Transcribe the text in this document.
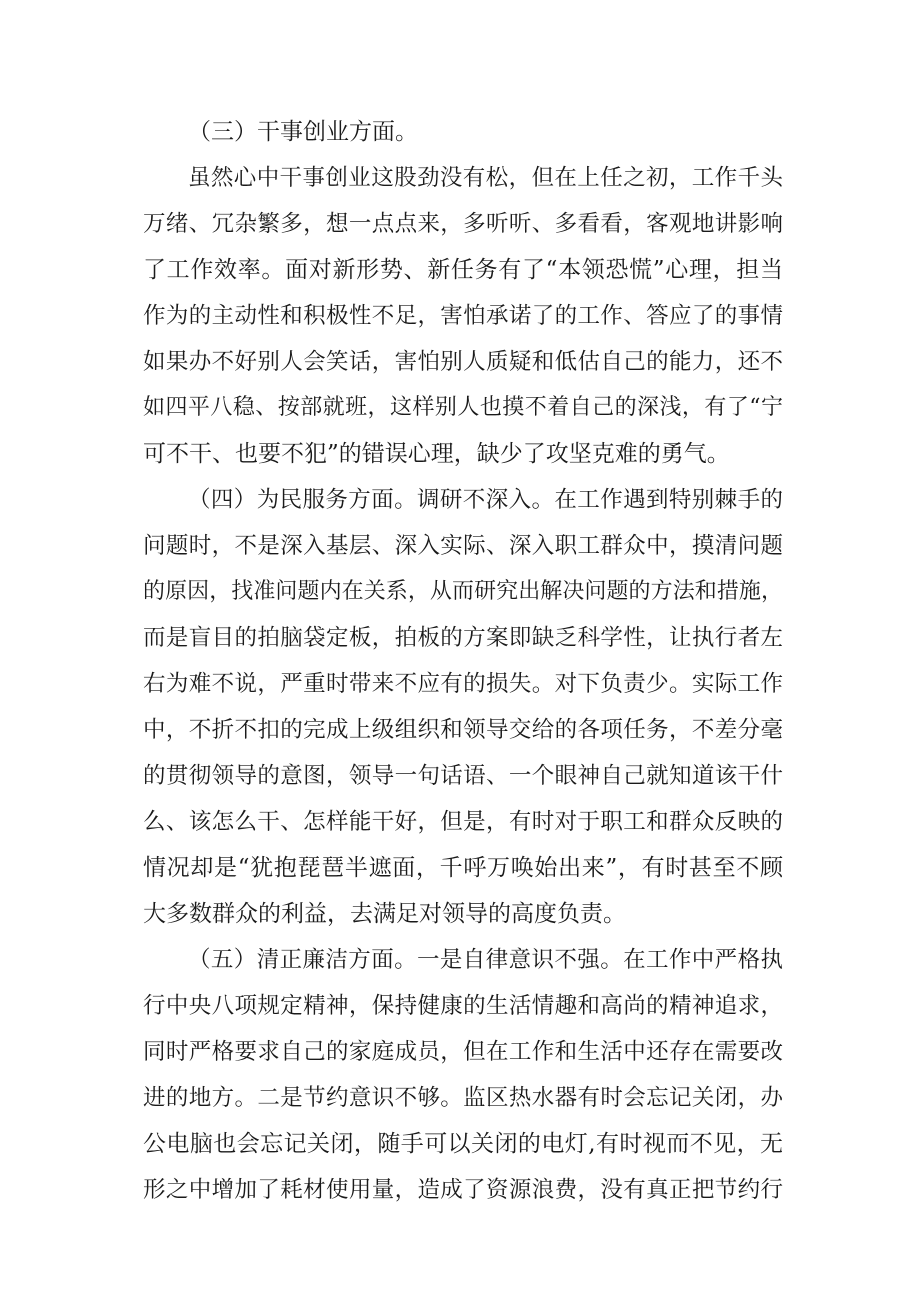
（三）干事创业方面。
虽然心中干事创业这股劲没有松，但在上任之初，工作千头
万绪、冗杂繁多，想一点点来，多听听、多看看，客观地讲影响
了工作效率。面对新形势、新任务有了“本领恐慌”心理，担当
作为的主动性和积极性不足，害怕承诺了的工作、答应了的事情
如果办不好别人会笑话，害怕别人质疑和低估自己的能力，还不
如四平八稳、按部就班，这样别人也摸不着自己的深浅，有了“宁
可不干、也要不犯”的错误心理，缺少了攻坚克难的勇气。
（四）为民服务方面。调研不深入。在工作遇到特别棘手的
问题时，不是深入基层、深入实际、深入职工群众中，摸清问题
的原因，找准问题内在关系，从而研究出解决问题的方法和措施，
而是盲目的拍脑袋定板，拍板的方案即缺乏科学性，让执行者左
右为难不说，严重时带来不应有的损失。对下负责少。实际工作
中，不折不扣的完成上级组织和领导交给的各项任务，不差分毫
的贯彻领导的意图，领导一句话语、一个眼神自己就知道该干什
么、该怎么干、怎样能干好，但是，有时对于职工和群众反映的
情况却是“犹抱琵琶半遮面，千呼万唤始出来”，有时甚至不顾
大多数群众的利益，去满足对领导的高度负责。
（五）清正廉洁方面。一是自律意识不强。在工作中严格执
行中央八项规定精神，保持健康的生活情趣和高尚的精神追求，
同时严格要求自己的家庭成员，但在工作和生活中还存在需要改
进的地方。二是节约意识不够。监区热水器有时会忘记关闭，办
公电脑也会忘记关闭，随手可以关闭的电灯,有时视而不见，无
形之中增加了耗材使用量，造成了资源浪费，没有真正把节约行
